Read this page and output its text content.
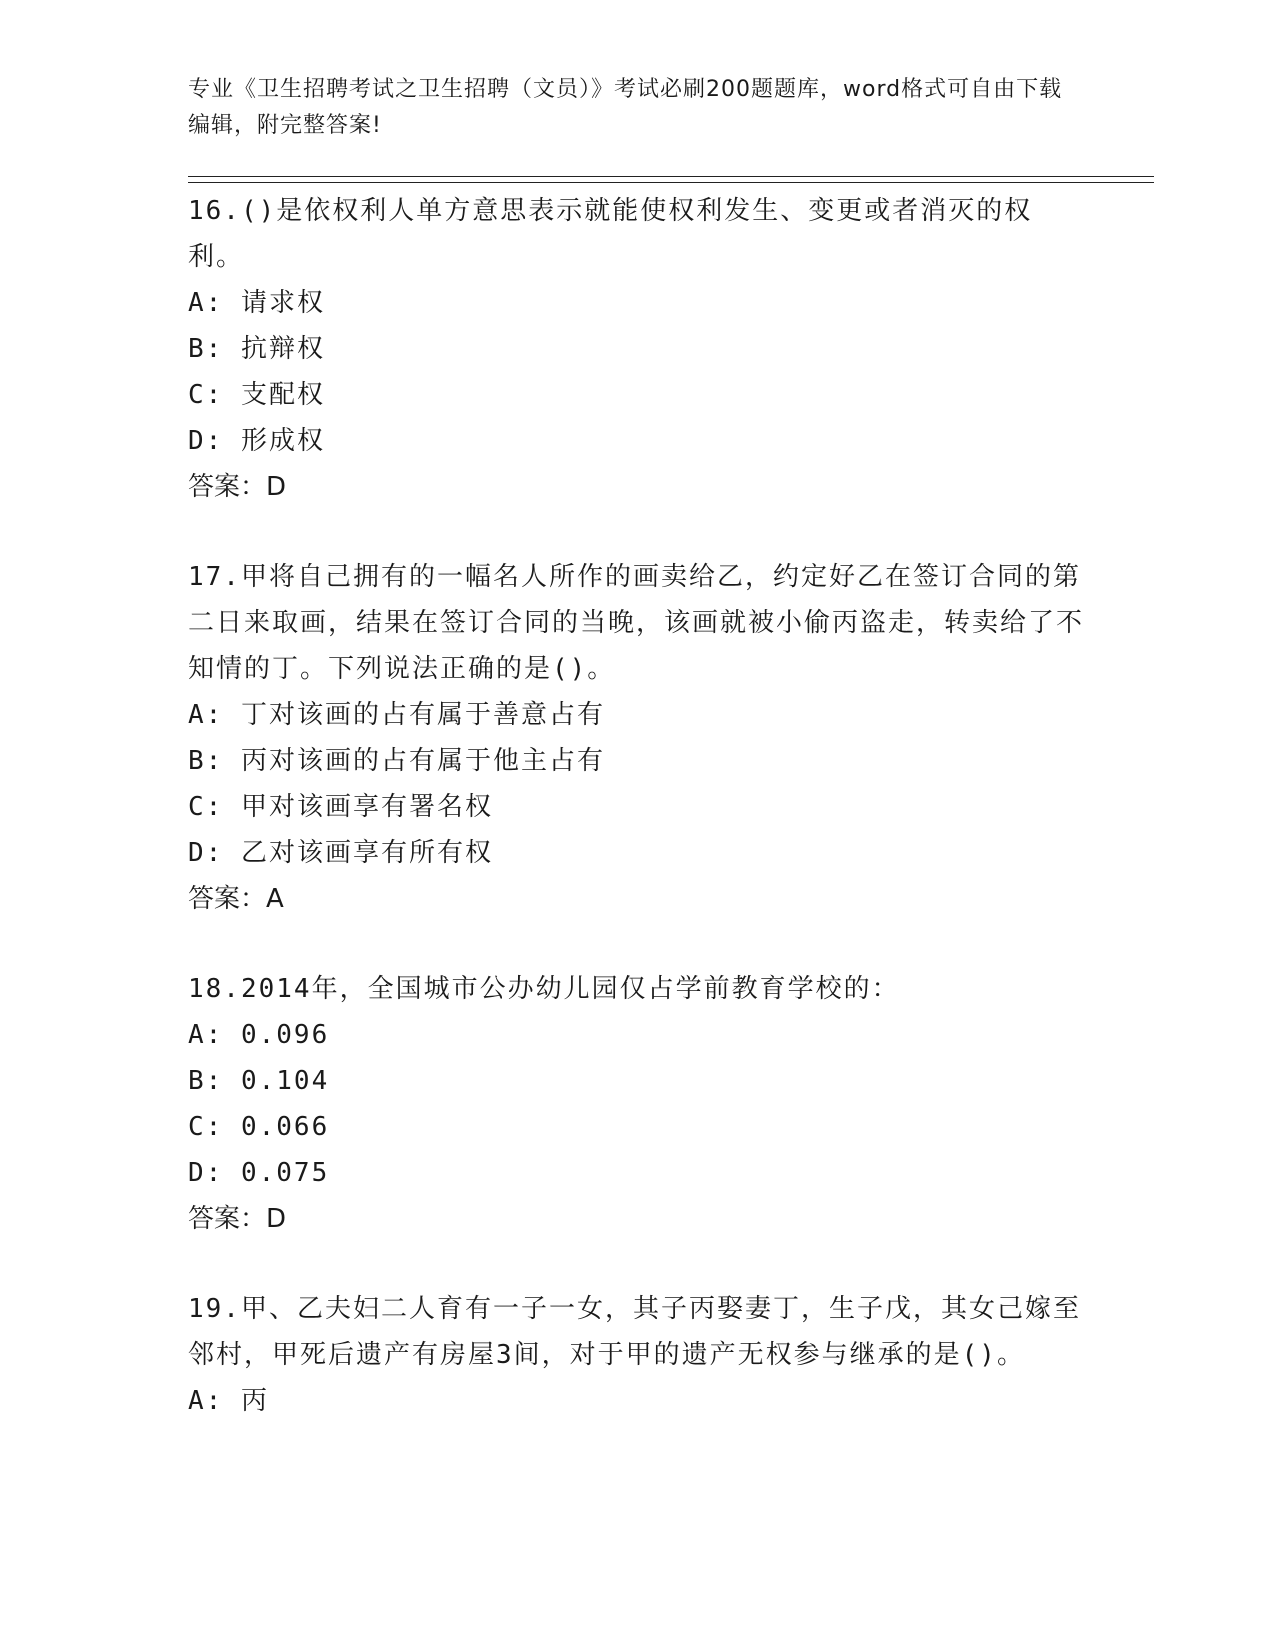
专业《卫生招聘考试之卫生招聘（文员）》考试必刷200题题库，word格式可自由下载编辑，附完整答案!

16.()是依权利人单方意思表示就能使权利发生、变更或者消灭的权利。

A: 请求权

B: 抗辩权

C: 支配权

D: 形成权

答案：D

17.甲将自己拥有的一幅名人所作的画卖给乙，约定好乙在签订合同的第二日来取画，结果在签订合同的当晚，该画就被小偷丙盗走，转卖给了不知情的丁。下列说法正确的是()。

A: 丁对该画的占有属于善意占有

B: 丙对该画的占有属于他主占有

C: 甲对该画享有署名权

D: 乙对该画享有所有权

答案：A

18.2014年，全国城市公办幼儿园仅占学前教育学校的：

A: 0.096

B: 0.104

C: 0.066

D: 0.075

答案：D

19.甲、乙夫妇二人育有一子一女，其子丙娶妻丁，生子戊，其女己嫁至邻村，甲死后遗产有房屋3间，对于甲的遗产无权参与继承的是()。

A: 丙
